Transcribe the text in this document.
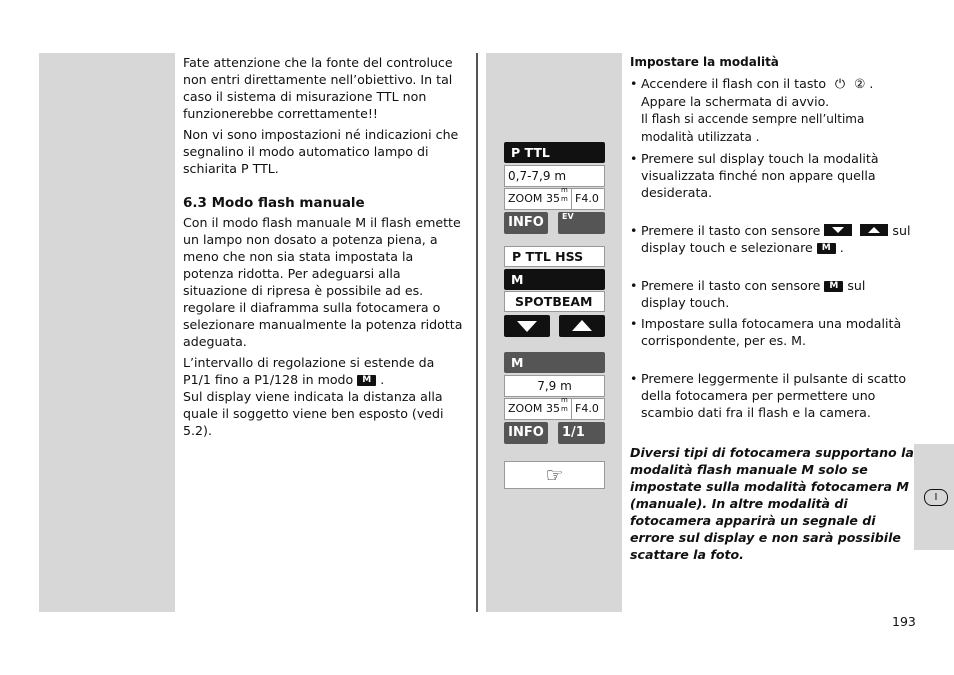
I

Fate attenzione che la fonte del controluce non entri direttamente nell’obiettivo. In tal caso il sistema di misurazione TTL non funzionerebbe correttamente!!

Non vi sono impostazioni né indicazioni che segnalino il modo automatico lampo di schiarita P TTL.

6.3 Modo flash manuale

Con il modo flash manuale M il flash emette un lampo non dosato a potenza piena, a meno che non sia stata impostata la potenza ridotta. Per adeguarsi alla situazione di ripresa è possibile ad es. regolare il diaframma sulla fotocamera o selezionare manualmente la potenza ridotta adeguata.

L’intervallo di regolazione si estende da P1/1 fino a P1/128 in modo M .
Sul display viene indicata la distanza alla quale il soggetto viene ben esposto (vedi 5.2).

P TTL
0,7-7,9 m
ZOOM 35
m
m F4.0
INFO	EV
P TTL HSS
M
SPOTBEAM
M
7,9 m
ZOOM 35
m
m F4.0
INFO	1/1
☞

Impostare la modalità

• Accendere il flash con il tasto ⏻ ② .
Appare la schermata di avvio.
Il flash si accende sempre nell’ultima modalità utilizzata .
• Premere sul display touch la modalità visualizzata finché non appare quella desiderata.
• Premere il tasto con sensore	sul
display touch e selezionare M .
• Premere il tasto con sensore M sul display touch.
• Impostare sulla fotocamera una modalità corrispondente, per es. M.
• Premere leggermente il pulsante di scatto della fotocamera per permettere uno scambio dati fra il flash e la camera.

Diversi tipi di fotocamera supportano la modalità flash manuale M solo se impostate sulla modalità fotocamera M (manuale). In altre modalità di fotocamera apparirà un segnale di errore sul display e non sarà possibile scattare la foto.

193
